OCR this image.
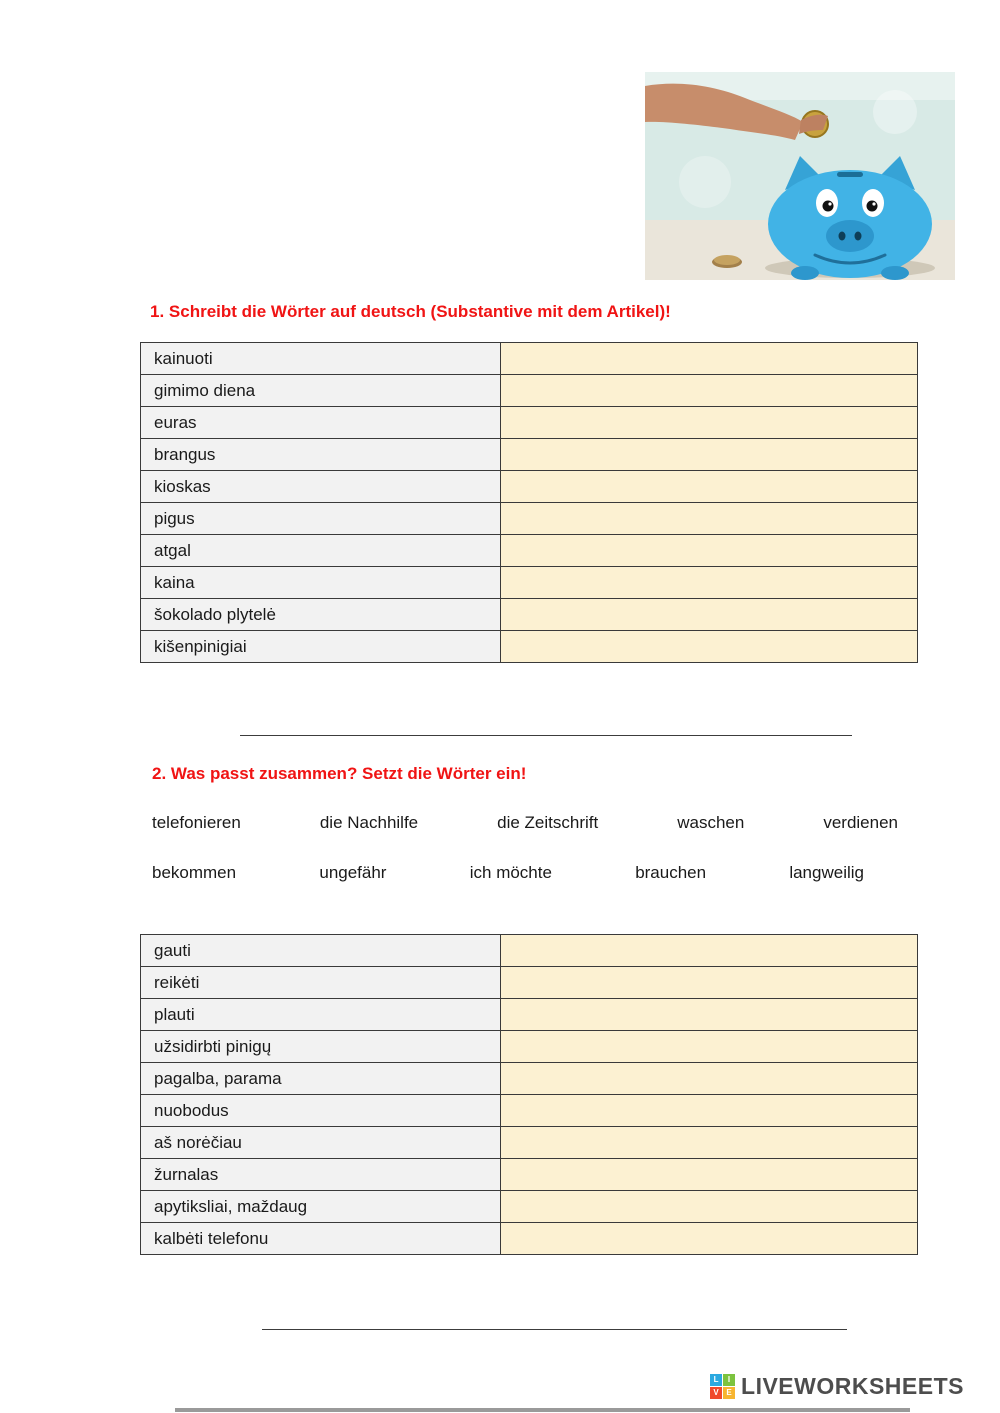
1. Schreibt die Wörter auf deutsch (Substantive mit dem Artikel)!
kainuoti	
gimimo diena	
euras	
brangus	
kioskas	
pigus	
atgal	
kaina	
šokolado plytelė	
kišenpinigiai	
2. Was passt zusammen? Setzt die Wörter ein!
telefonieren	die Nachhilfe	die Zeitschrift	waschen	verdienen
bekommen	ungefähr	ich möchte	brauchen	langweilig
gauti	
reikėti	
plauti	
užsidirbti pinigų	
pagalba, parama	
nuobodus	
aš norėčiau	
žurnalas	
apytiksliai, maždaug	
kalbėti telefonu	
L	I
V E LIVEWORKSHEETS
